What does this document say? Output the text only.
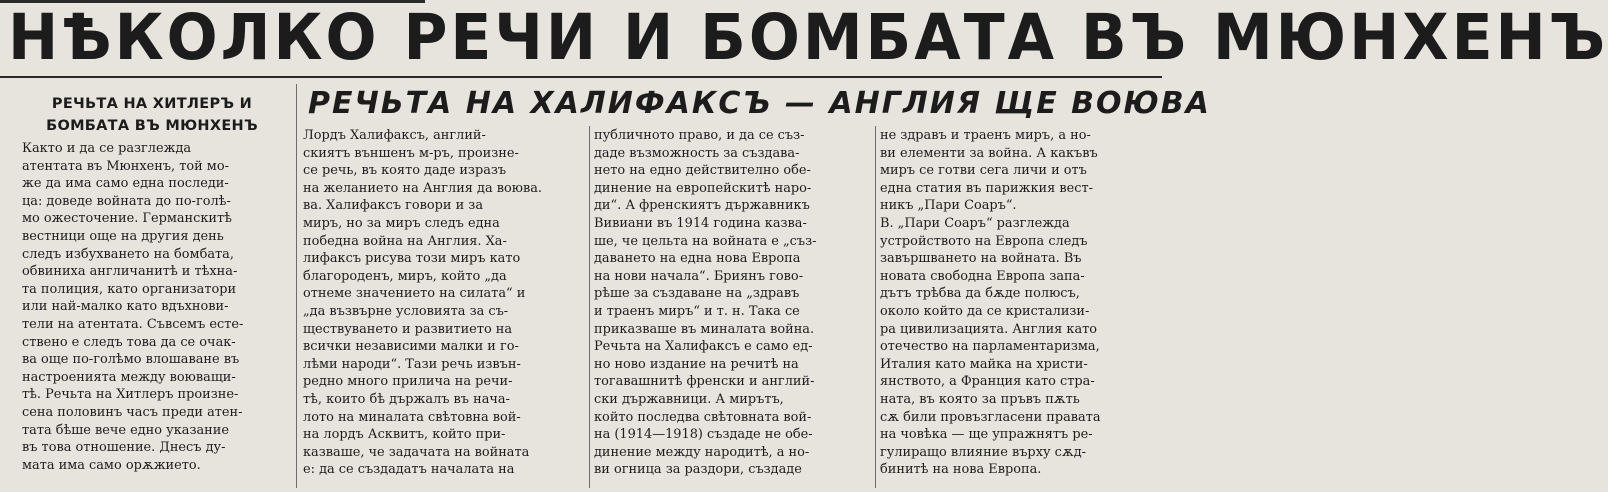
НѢКОЛКО РЕЧИ И БОМБАТА ВЪ МЮНХЕНЪ
РЕЧЬТА НА ХИТЛЕРЪ И БОМБАТА ВЪ МЮНХЕНЪ
РЕЧЬТА НА ХАЛИФАКСЪ — АНГЛИЯ ЩЕ ВОЮВА

Както и да се разглежда

атентата въ Мюнхенъ, той мо-

же да има само една последи-

ца: доведе войната до по-голѣ-

мо ожесточение. Германскитѣ

вестници още на другия день

следъ избухването на бомбата,

обвиниха англичанитѣ и тѣхна-

та полиция, като организатори

или най-малко като вдъхнови-

тели на атентата. Съвсемъ есте-

ствено е следъ това да се очак-

ва още по-голѣмо влошаване въ

настроенията между воюващи-

тѣ. Речьта на Хитлеръ произне-

сена половинъ часъ преди атен-

тата бѣше вече едно указание

въ това отношение. Днесъ ду-

мата има само орѫжието.

Лордъ Халифаксъ, англий-

скиятъ външенъ м-ръ, произне-

се речь, въ която даде изразъ

на желанието на Англия да воюва.

ва. Халифаксъ говори и за

миръ, но за миръ следъ една

победна война на Англия. Ха-

лифаксъ рисува този миръ като

благороденъ, миръ, който „да

отнеме значението на силата“ и

„да възвърне условията за съ-

ществуването и развитието на

всички независими малки и го-

лѣми народи“. Тази речь извън-

редно много прилича на речи-

тѣ, които бѣ държалъ въ нача-

лото на миналата свѣтовна вой-

на лордъ Асквитъ, който при-

казваше, че задачата на войната

е: да се създадатъ началата на

публичното право, и да се съз-

даде възможность за създава-

нето на едно действително обе-

динение на европейскитѣ наро-

ди“. А френскиятъ държавникъ

Вивиани въ 1914 година казва-

ше, че цельта на войната е „съз-

даването на една нова Европа

на нови начала“. Бриянъ гово-

рѣше за създаване на „здравъ

и траенъ миръ“ и т. н. Така се

приказваше въ миналата война.

Речьта на Халифаксъ е само ед-

но ново издание на речитѣ на

тогавашнитѣ френски и англий-

ски държавници. А мирътъ,

който последва свѣтовната вой-

на (1914—1918) създаде не обе-

динение между народитѣ, а но-

ви огница за раздори, създаде

не здравъ и траенъ миръ, а но-

ви елементи за война. А какъвъ

миръ се готви сега личи и отъ

една статия въ парижкия вест-

никъ „Пари Соаръ“.

В. „Пари Соаръ“ разглежда

устройството на Европа следъ

завършването на войната. Въ

новата свободна Европа запа-

дътъ трѣбва да бѫде полюсъ,

около който да се кристализи-

ра цивилизацията. Англия като

отечество на парламентаризма,

Италия като майка на христи-

янството, а Франция като стра-

ната, въ която за пръвъ пѫть

сѫ били провъзгласени правата

на човѣка — ще упражнятъ ре-

гулиращо влияние върху сѫд-

бинитѣ на нова Европа.
